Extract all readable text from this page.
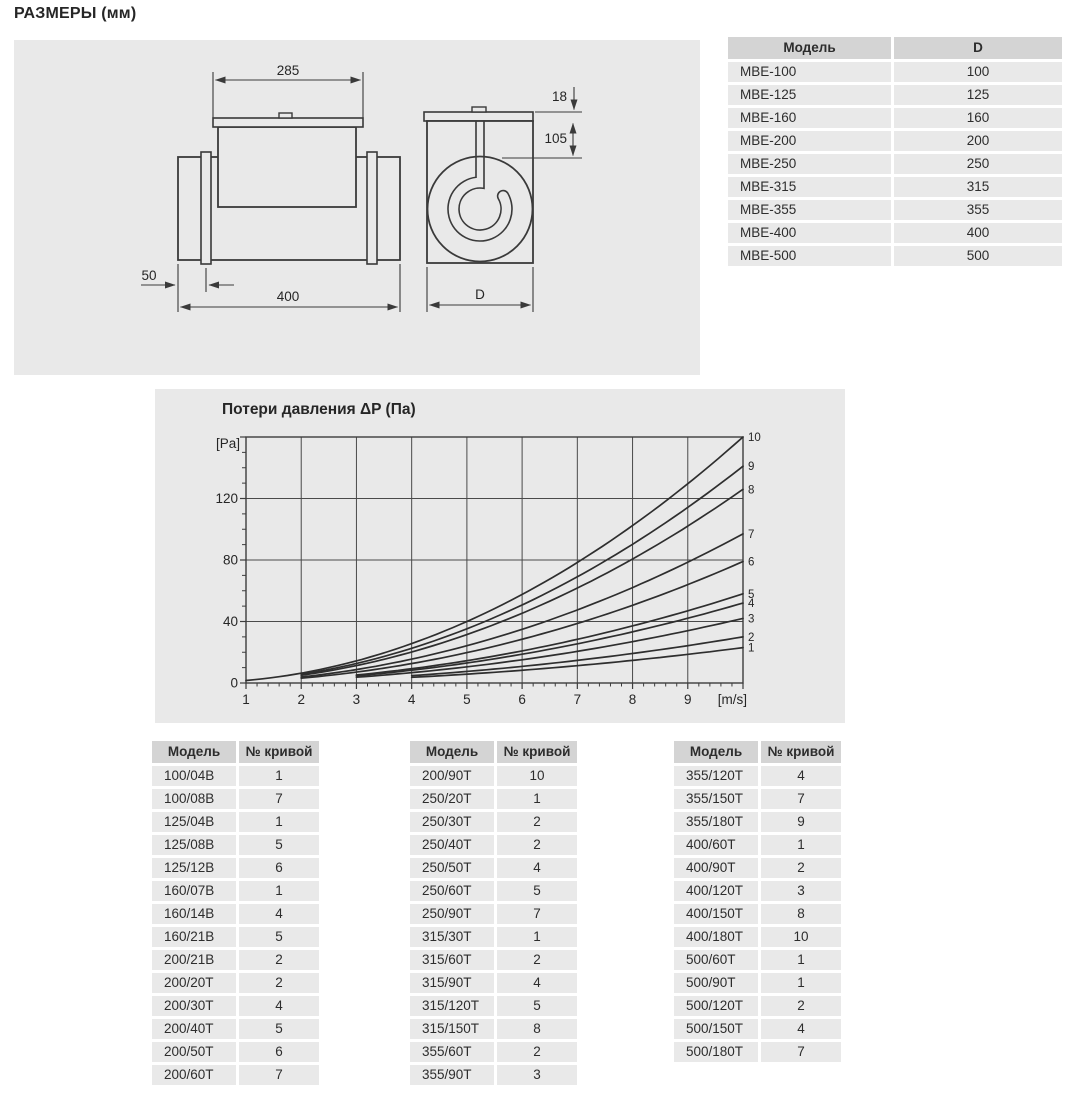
РАЗМЕРЫ (мм)
285
50
400	D
18
105
Модель	D
МВЕ-100	100
МВЕ-125	125
МВЕ-160	160
МВЕ-200	200
МВЕ-250	250
МВЕ-315	315
МВЕ-355	355
МВЕ-400	400
МВЕ-500	500
Потери давления ΔP (Па)
0
40
80
120
1	2	3	4	5	6	7	8	9
[Pa]
[m/s]
1
2
3
4
5
6
7
8
9
10
Модель	№ кривой
100/04В	1
100/08В	7
125/04В	1
125/08В	5
125/12В	6
160/07В	1
160/14В	4
160/21В	5
200/21В	2
200/20Т	2
200/30Т	4
200/40Т	5
200/50Т	6
200/60Т	7
Модель	№ кривой
200/90Т	10
250/20Т	1
250/30Т	2
250/40Т	2
250/50Т	4
250/60Т	5
250/90Т	7
315/30Т	1
315/60Т	2
315/90Т	4
315/120Т	5
315/150Т	8
355/60Т	2
355/90Т	3
Модель	№ кривой
355/120Т	4
355/150Т	7
355/180Т	9
400/60Т	1
400/90Т	2
400/120Т	3
400/150Т	8
400/180Т	10
500/60Т	1
500/90Т	1
500/120Т	2
500/150Т	4
500/180Т	7
